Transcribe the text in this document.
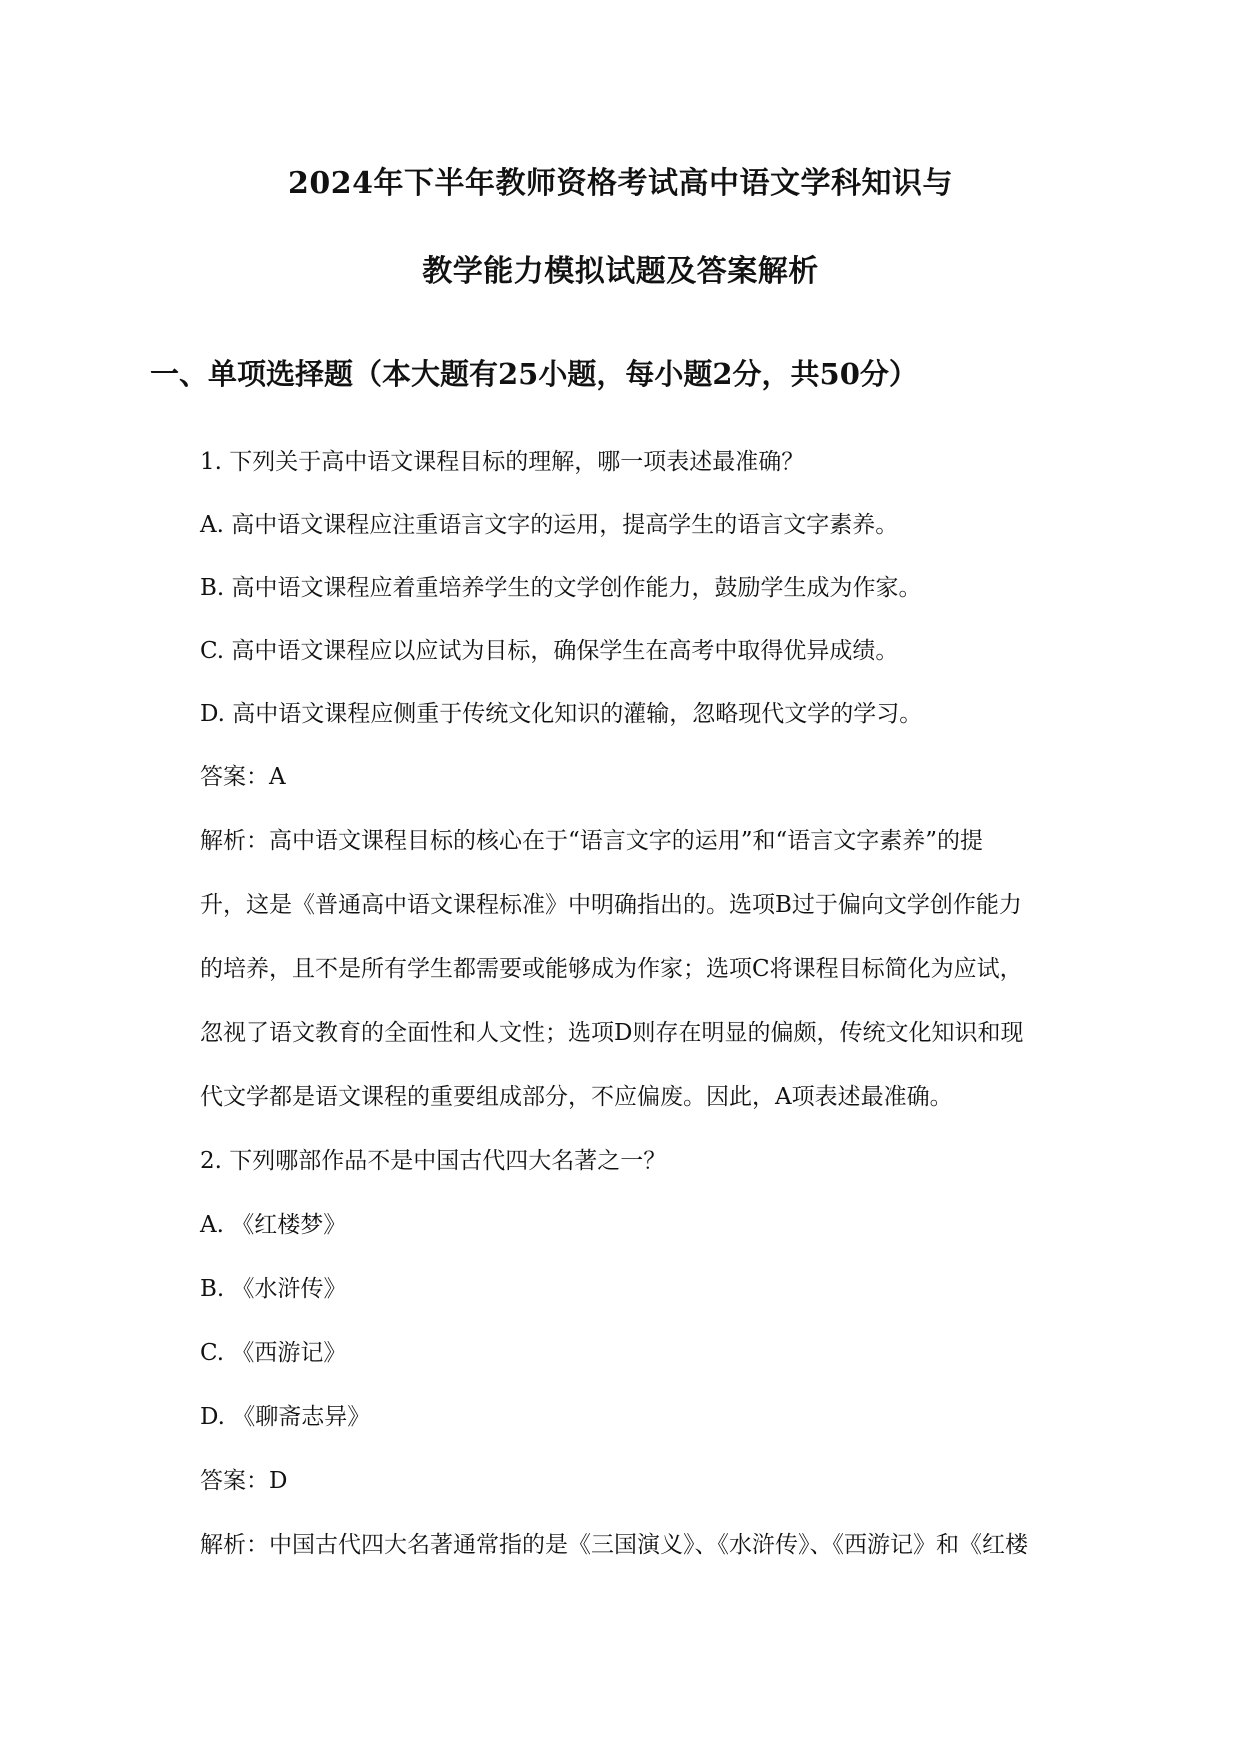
2024年下半年教师资格考试高中语文学科知识与
教学能力模拟试题及答案解析
一、单项选择题（本大题有25小题，每小题2分，共50分）
1. 下列关于高中语文课程目标的理解，哪一项表述最准确？
A. 高中语文课程应注重语言文字的运用，提高学生的语言文字素养。
B. 高中语文课程应着重培养学生的文学创作能力，鼓励学生成为作家。
C. 高中语文课程应以应试为目标，确保学生在高考中取得优异成绩。
D. 高中语文课程应侧重于传统文化知识的灌输，忽略现代文学的学习。
答案：A
解析：高中语文课程目标的核心在于“语言文字的运用”和“语言文字素养”的提
升，这是《普通高中语文课程标准》中明确指出的。选项B过于偏向文学创作能力
的培养，且不是所有学生都需要或能够成为作家；选项C将课程目标简化为应试，
忽视了语文教育的全面性和人文性；选项D则存在明显的偏颇，传统文化知识和现
代文学都是语文课程的重要组成部分，不应偏废。因此，A项表述最准确。
2. 下列哪部作品不是中国古代四大名著之一？
A. 《红楼梦》
B. 《水浒传》
C. 《西游记》
D. 《聊斋志异》
答案：D
解析：中国古代四大名著通常指的是《三国演义》、《水浒传》、《西游记》和《红楼
